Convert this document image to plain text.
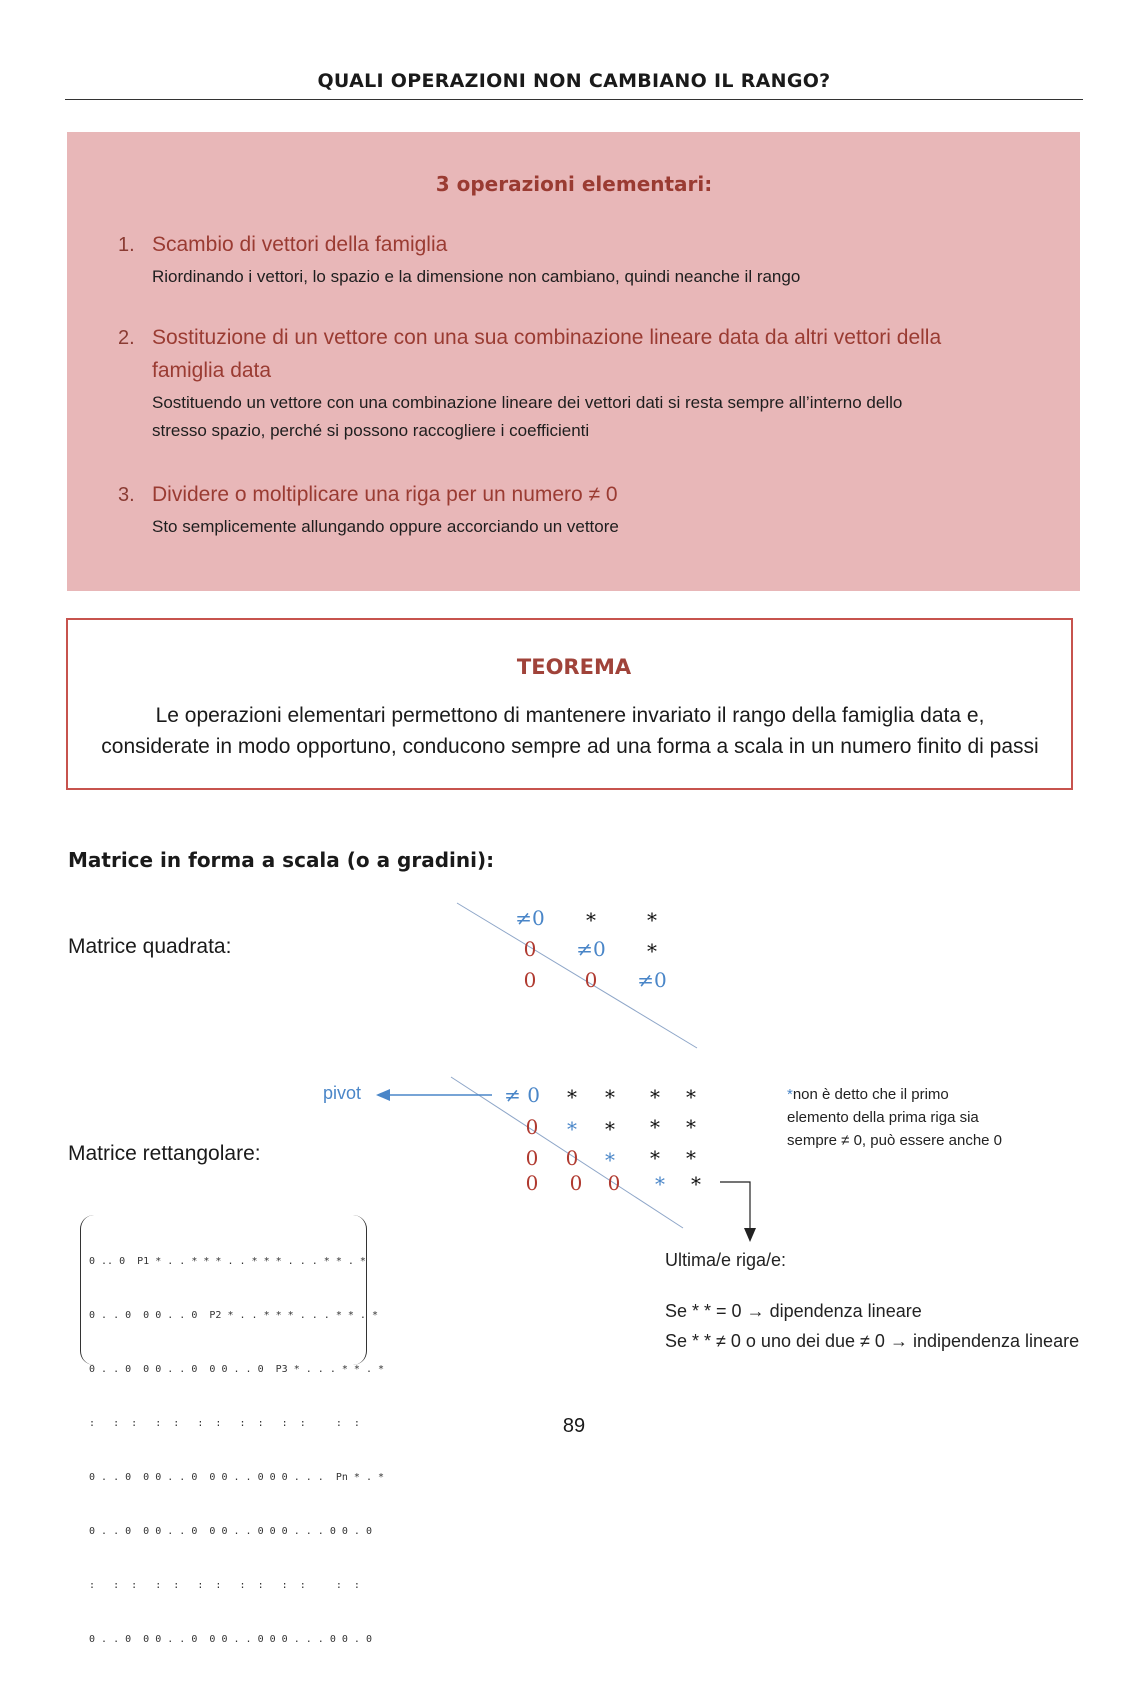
QUALI OPERAZIONI NON CAMBIANO IL RANGO?
3 operazioni elementari:
1. Scambio di vettori della famiglia
Riordinando i vettori, lo spazio e la dimensione non cambiano, quindi neanche il rango
2. Sostituzione di un vettore con una sua combinazione lineare data da altri vettori della
famiglia data
Sostituendo un vettore con una combinazione lineare dei vettori dati si resta sempre all’interno dello
stresso spazio, perché si possono raccogliere i coefficienti
3. Dividere o moltiplicare una riga per un numero ≠ 0
Sto semplicemente allungando oppure accorciando un vettore
TEOREMA
Le operazioni elementari permettono di mantenere invariato il rango della famiglia data e,
considerate in modo opportuno, conducono sempre ad una forma a scala in un numero finito di passi
Matrice in forma a scala (o a gradini):
Matrice quadrata:
Matrice rettangolare:
≠0	*	*
0	≠0	*
0	0	≠0
pivot	≠ 0	*	*	*	*
0	*	*	*	*
0	0	*	*	*
0	0	0	*	*
*non è detto che il primo
elemento della prima riga sia
sempre ≠ 0, può essere anche 0
Ultima/e riga/e:
Se * * = 0 → dipendenza lineare
Se * * ≠ 0 o uno dei due ≠ 0 → indipendenza lineare

0 .. 0  P1 * . . * * * . . * * * . . . * * . *

0 . . 0  0 0 . . 0  P2 * . . * * * . . . * * . *

0 . . 0  0 0 . . 0  0 0 . . 0  P3 * . . . * * . *

:   :  :   :  :   :  :   :  :   :  :     :  :

0 . . 0  0 0 . . 0  0 0 . . 0 0 0 . . .  Pn * . *

0 . . 0  0 0 . . 0  0 0 . . 0 0 0 . . . 0 0 . 0

:   :  :   :  :   :  :   :  :   :  :     :  :

0 . . 0  0 0 . . 0  0 0 . . 0 0 0 . . . 0 0 . 0

89
